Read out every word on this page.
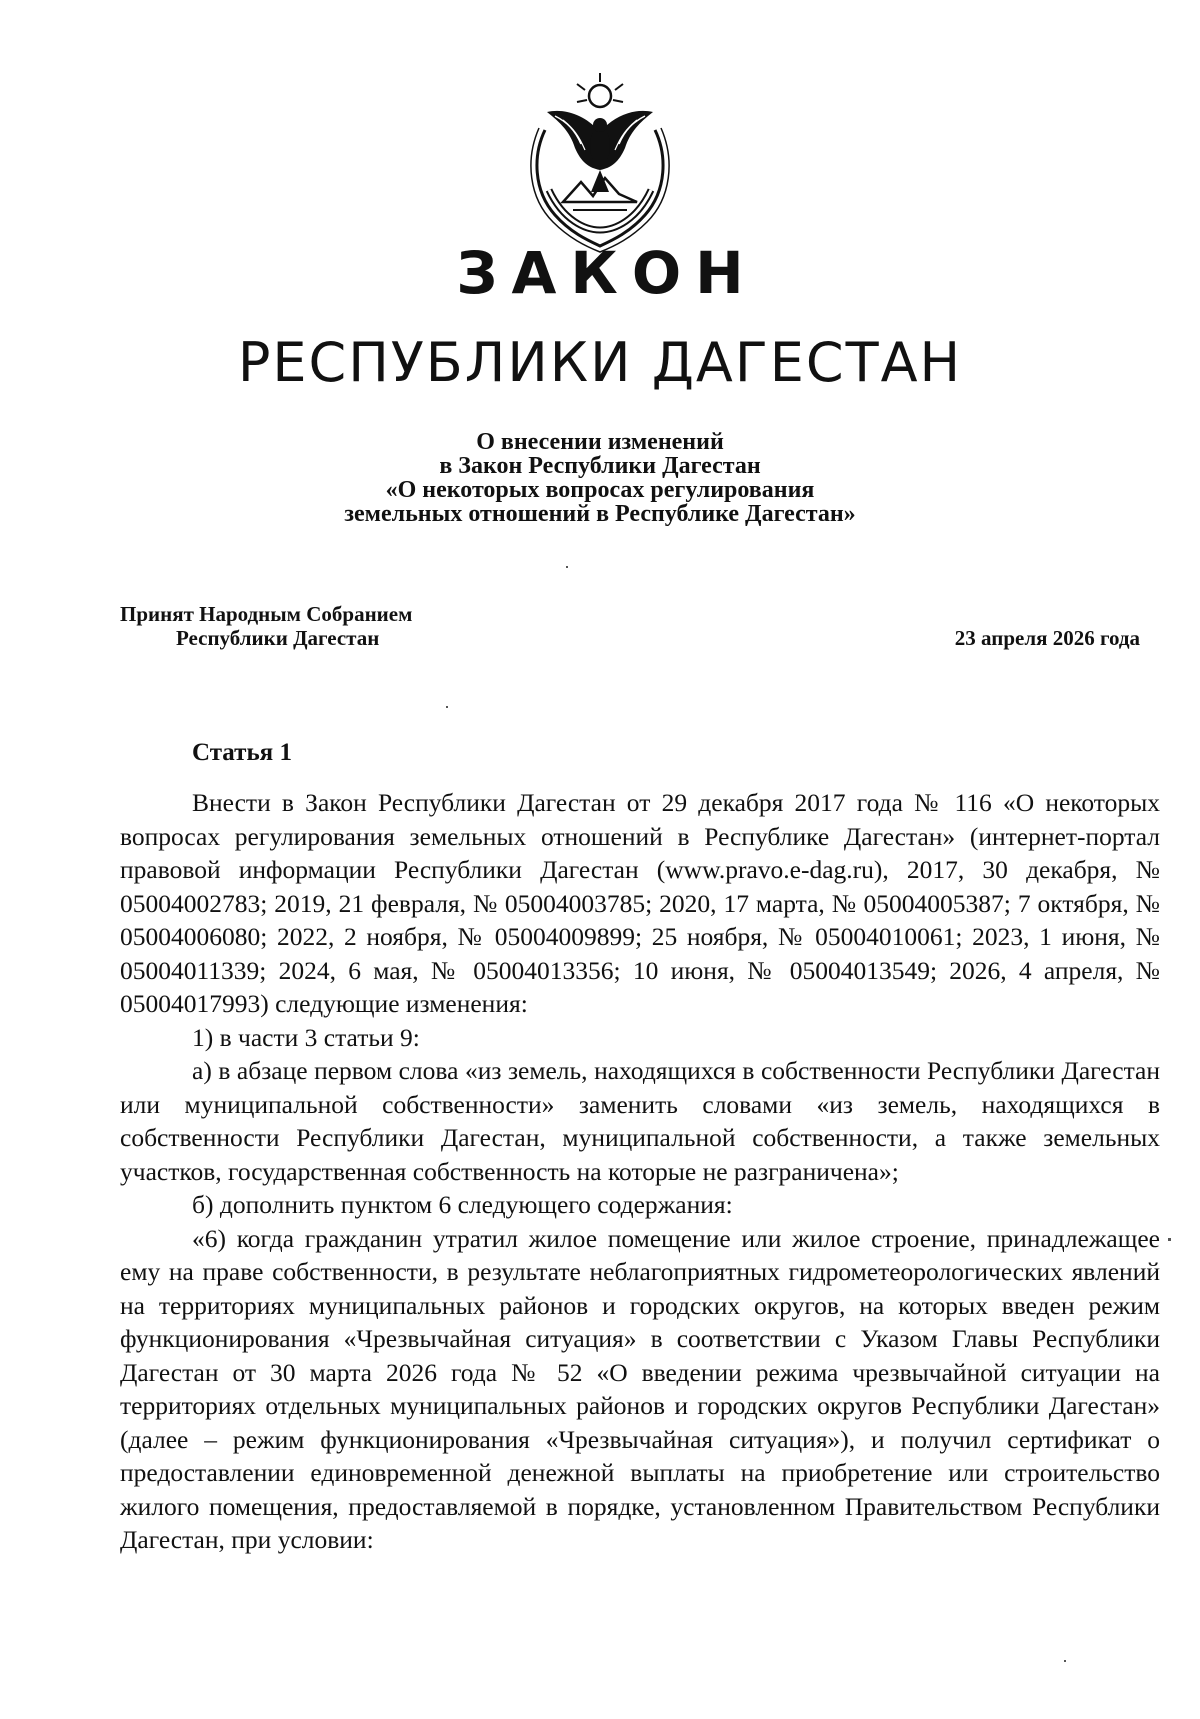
ЗАКОН
РЕСПУБЛИКИ ДАГЕСТАН
О внесении изменений
в Закон Республики Дагестан
«О некоторых вопросах регулирования
земельных отношений в Республике Дагестан»
Принят Народным Собранием
Республики Дагестан	23 апреля 2026 года
Статья 1

Внести в Закон Республики Дагестан от 29 декабря 2017 года № 116 «О некоторых вопросах регулирования земельных отношений в Республике Дагестан» (интернет-портал правовой информации Республики Дагестан (www.pravo.e-dag.ru), 2017, 30 декабря, № 05004002783; 2019, 21 февраля, № 05004003785; 2020, 17 марта, № 05004005387; 7 октября, № 05004006080; 2022, 2 ноября, № 05004009899; 25 ноября, № 05004010061; 2023, 1 июня, № 05004011339; 2024, 6 мая, № 05004013356; 10 июня, № 05004013549; 2026, 4 апреля, № 05004017993) следующие изменения:

1) в части 3 статьи 9:

а) в абзаце первом слова «из земель, находящихся в собственности Республики Дагестан или муниципальной собственности» заменить словами «из земель, находящихся в собственности Республики Дагестан, муниципальной собственности, а также земельных участков, государственная собственность на которые не разграничена»;

б) дополнить пунктом 6 следующего содержания:

«6) когда гражданин утратил жилое помещение или жилое строение, принадлежащее ему на праве собственности, в результате неблагоприятных гидрометеорологических явлений на территориях муниципальных районов и городских округов, на которых введен режим функционирования «Чрезвычайная ситуация» в соответствии с Указом Главы Республики Дагестан от 30 марта 2026 года № 52 «О введении режима чрезвычайной ситуации на территориях отдельных муниципальных районов и городских округов Республики Дагестан» (далее – режим функционирования «Чрезвычайная ситуация»), и получил сертификат о предоставлении единовременной денежной выплаты на приобретение или строительство жилого помещения, предоставляемой в порядке, установленном Правительством Республики Дагестан, при условии:
